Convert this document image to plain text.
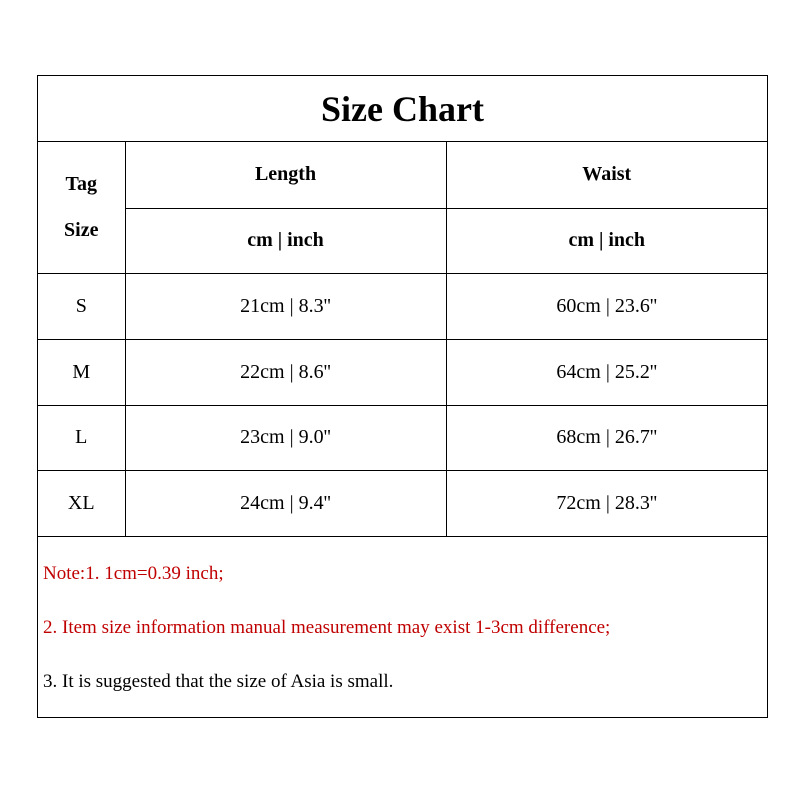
Size Chart
Tag
Size	Length	Waist
	cm | inch	cm | inch
S	21cm | 8.3''	60cm | 23.6''
M	22cm | 8.6''	64cm | 25.2''
L	23cm | 9.0''	68cm | 26.7''
XL	24cm | 9.4''	72cm | 28.3''
Note:1. 1cm=0.39 inch;
2. Item size information manual measurement may exist 1-3cm difference;
3. It is suggested that the size of Asia is small.
